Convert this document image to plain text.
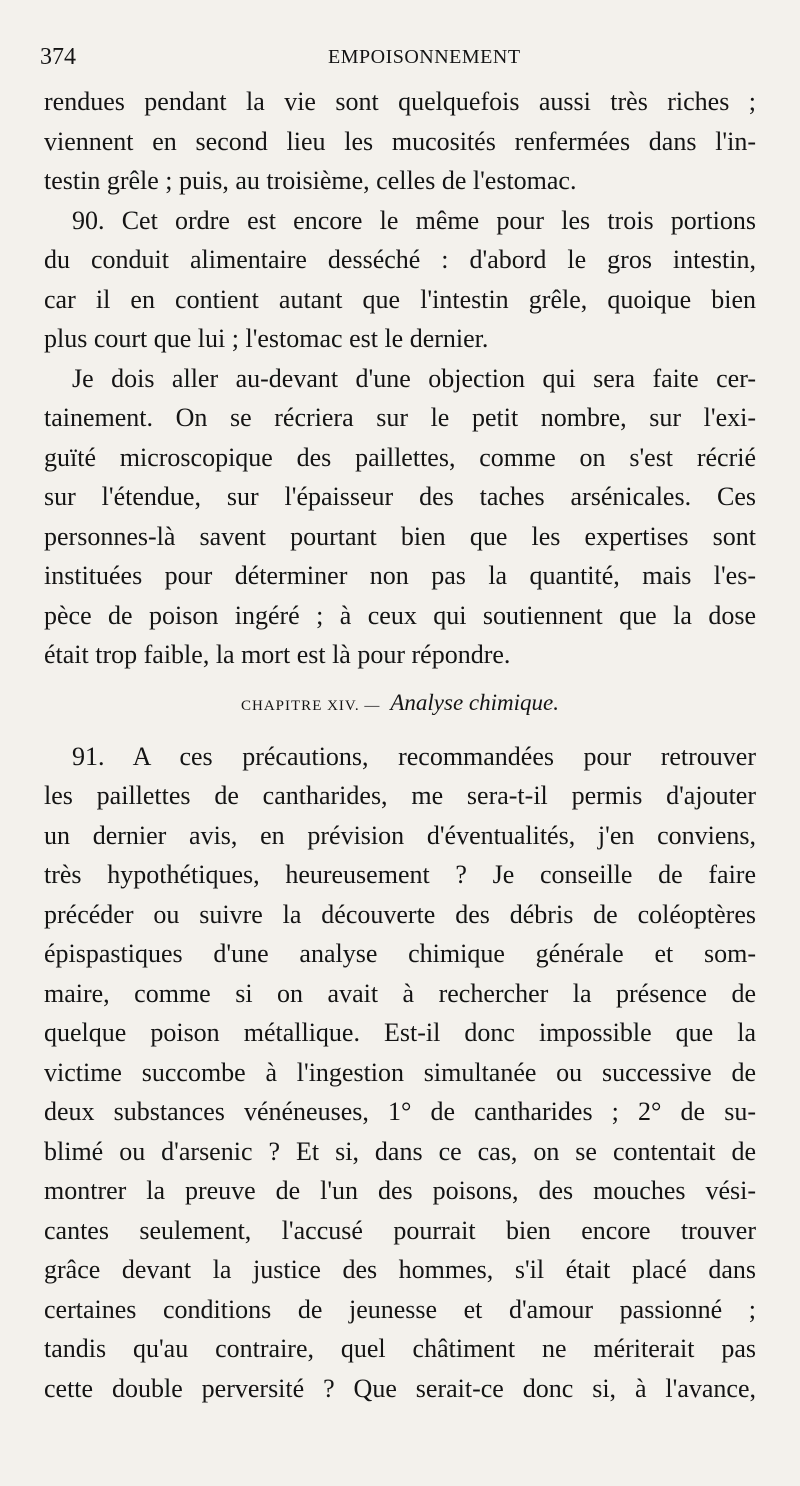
374	EMPOISONNEMENT
rendues pendant la vie sont quelquefois aussi très riches ;
viennent en second lieu les mucosités renfermées dans l'in-
testin grêle ; puis, au troisième, celles de l'estomac.
90. Cet ordre est encore le même pour les trois portions
du conduit alimentaire desséché : d'abord le gros intestin,
car il en contient autant que l'intestin grêle, quoique bien
plus court que lui ; l'estomac est le dernier.
Je dois aller au-devant d'une objection qui sera faite cer-
tainement. On se récriera sur le petit nombre, sur l'exi-
guïté microscopique des paillettes, comme on s'est récrié
sur l'étendue, sur l'épaisseur des taches arsénicales. Ces
personnes-là savent pourtant bien que les expertises sont
instituées pour déterminer non pas la quantité, mais l'es-
pèce de poison ingéré ; à ceux qui soutiennent que la dose
était trop faible, la mort est là pour répondre.
CHAPITRE XIV. — Analyse chimique.
91. A ces précautions, recommandées pour retrouver
les paillettes de cantharides, me sera-t-il permis d'ajouter
un dernier avis, en prévision d'éventualités, j'en conviens,
très hypothétiques, heureusement ? Je conseille de faire
précéder ou suivre la découverte des débris de coléoptères
épispastiques d'une analyse chimique générale et som-
maire, comme si on avait à rechercher la présence de
quelque poison métallique. Est-il donc impossible que la
victime succombe à l'ingestion simultanée ou successive de
deux substances vénéneuses, 1° de cantharides ; 2° de su-
blimé ou d'arsenic ? Et si, dans ce cas, on se contentait de
montrer la preuve de l'un des poisons, des mouches vési-
cantes seulement, l'accusé pourrait bien encore trouver
grâce devant la justice des hommes, s'il était placé dans
certaines conditions de jeunesse et d'amour passionné ;
tandis qu'au contraire, quel châtiment ne mériterait pas
cette double perversité ? Que serait-ce donc si, à l'avance,
